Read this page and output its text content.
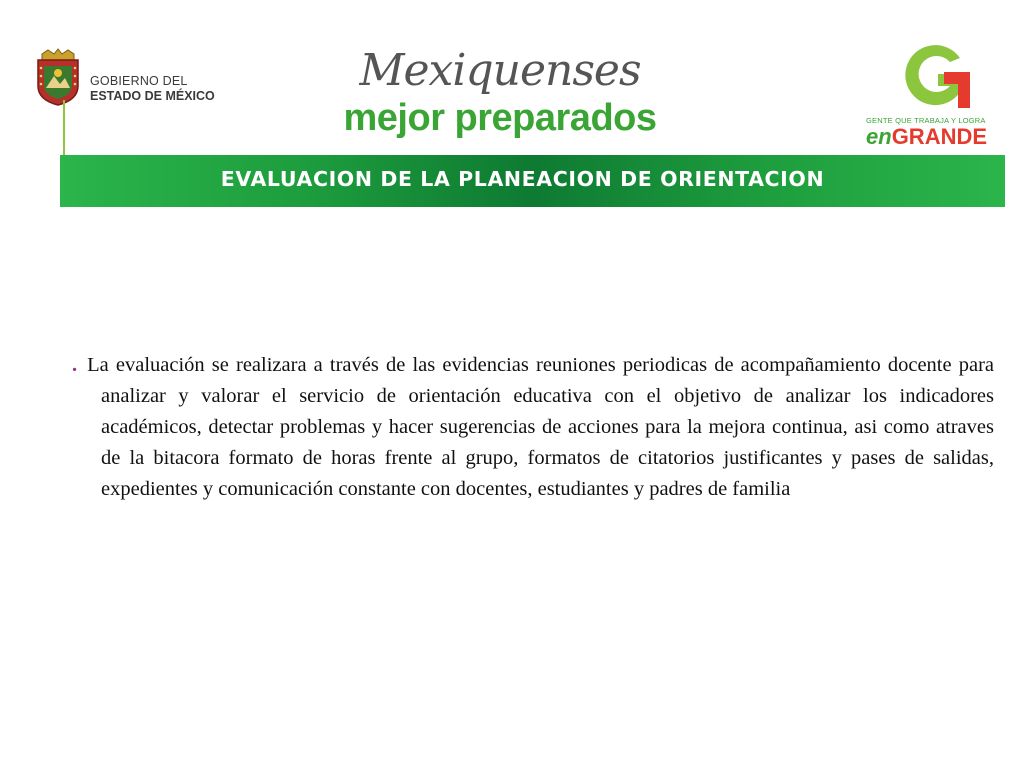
GOBIERNO DEL
ESTADO DE MÉXICO	Mexiquenses
mejor preparados	GENTE QUE TRABAJA Y LOGRA
enGRANDE
EVALUACION DE LA PLANEACION DE ORIENTACION

. La evaluación se realizara a través de las evidencias reuniones periodicas de acompañamiento docente para analizar y valorar el servicio de orientación educativa con el objetivo de analizar los indicadores académicos, detectar problemas y hacer sugerencias de acciones para la mejora continua, asi como atraves de la bitacora formato de horas frente al grupo, formatos de citatorios justificantes y pases de salidas, expedientes y comunicación constante con docentes, estudiantes y padres de familia
